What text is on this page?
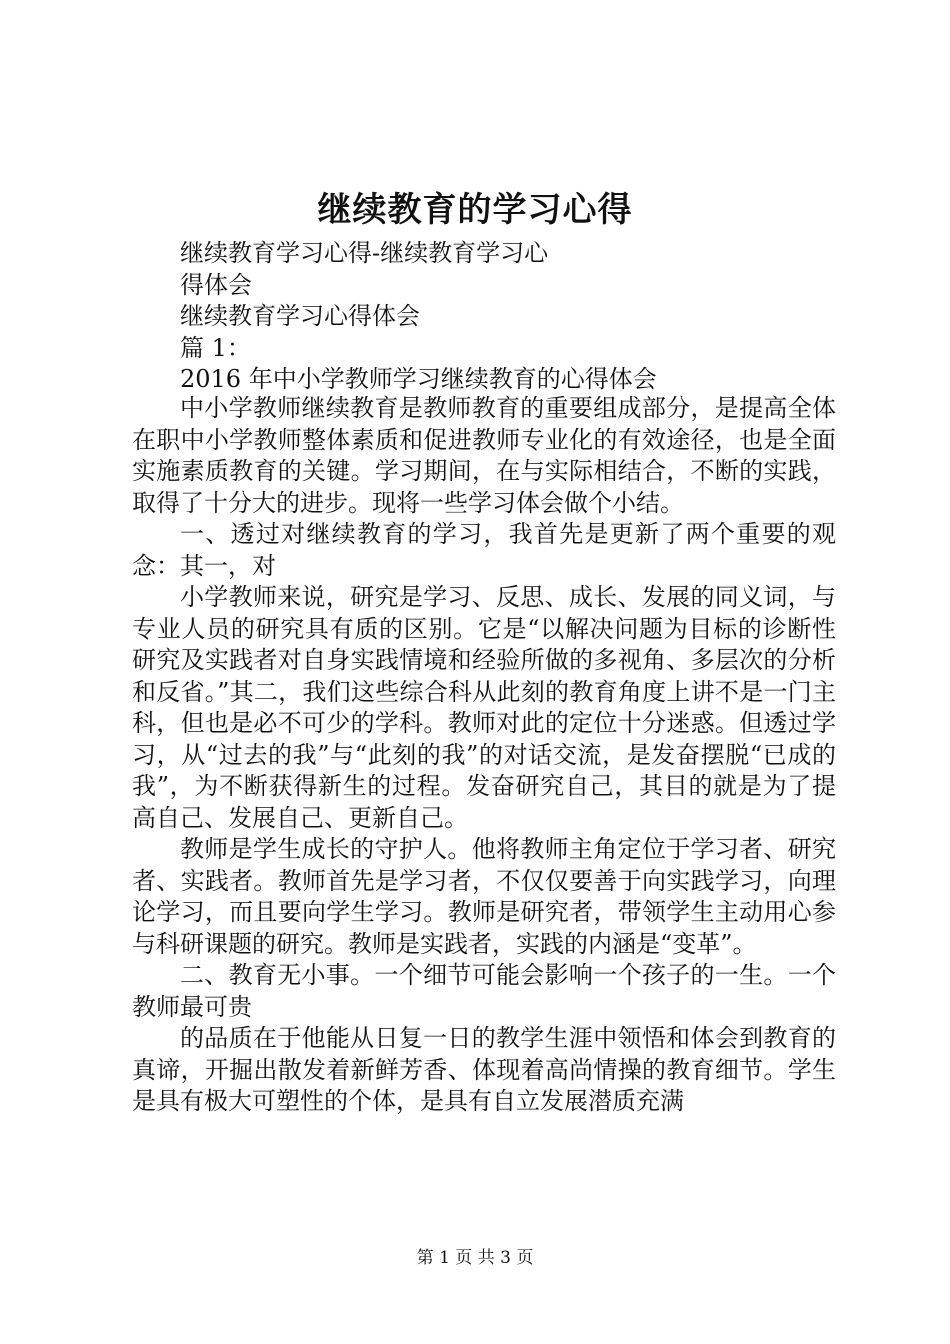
继续教育的学习心得
继续教育学习心得-继续教育学习心
得体会
继续教育学习心得体会
篇 1：
2016 年中小学教师学习继续教育的心得体会

中小学教师继续教育是教师教育的重要组成部分，是提高全体在职中小学教师整体素质和促进教师专业化的有效途径，也是全面实施素质教育的关键。学习期间，在与实际相结合，不断的实践，取得了十分大的进步。现将一些学习体会做个小结。

一、透过对继续教育的学习，我首先是更新了两个重要的观念：其一，对

小学教师来说，研究是学习、反思、成长、发展的同义词，与专业人员的研究具有质的区别。它是“以解决问题为目标的诊断性研究及实践者对自身实践情境和经验所做的多视角、多层次的分析和反省。”其二，我们这些综合科从此刻的教育角度上讲不是一门主科，但也是必不可少的学科。教师对此的定位十分迷惑。但透过学习，从“过去的我”与“此刻的我”的对话交流，是发奋摆脱“已成的我”，为不断获得新生的过程。发奋研究自己，其目的就是为了提高自己、发展自己、更新自己。

教师是学生成长的守护人。他将教师主角定位于学习者、研究者、实践者。教师首先是学习者，不仅仅要善于向实践学习，向理论学习，而且要向学生学习。教师是研究者，带领学生主动用心参与科研课题的研究。教师是实践者，实践的内涵是“变革”。

二、教育无小事。一个细节可能会影响一个孩子的一生。一个教师最可贵

的品质在于他能从日复一日的教学生涯中领悟和体会到教育的真谛，开掘出散发着新鲜芳香、体现着高尚情操的教育细节。学生是具有极大可塑性的个体，是具有自立发展潜质充满

第 1 页 共 3 页
